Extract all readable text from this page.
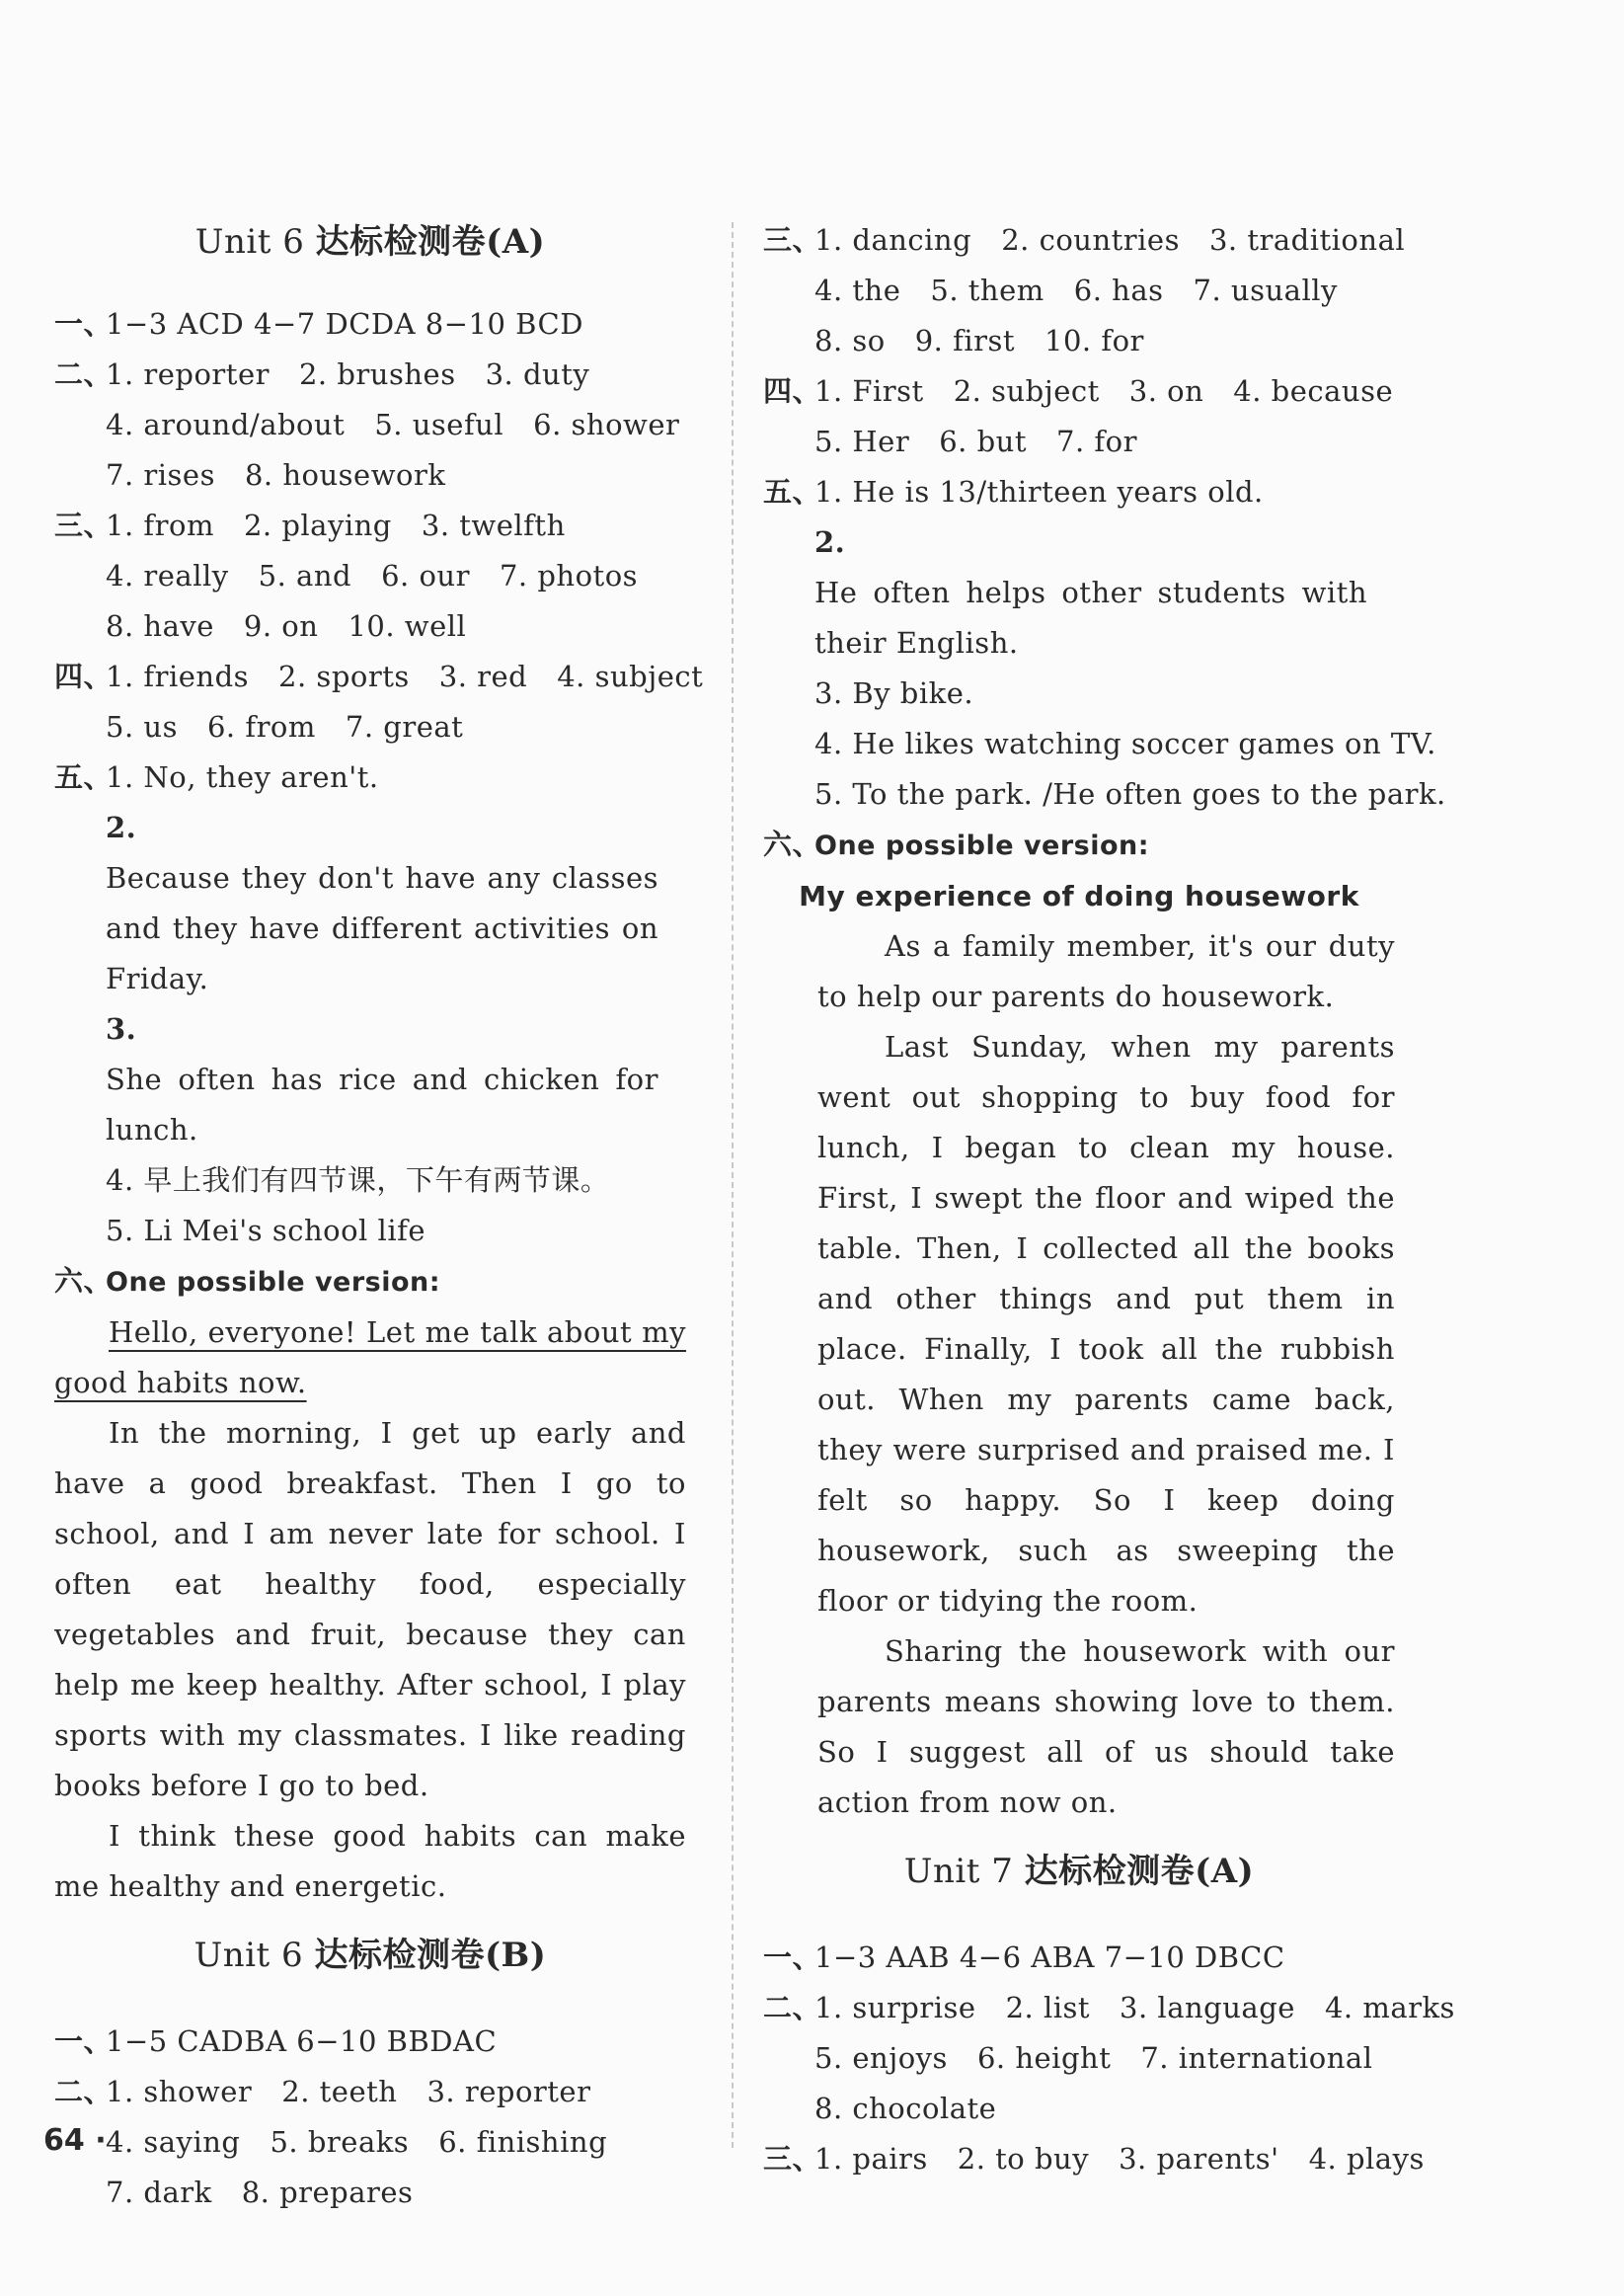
Unit 6 达标检测卷(A)
一、1−3 ACD 4−7 DCDA 8−10 BCD
二、1. reporter 2. brushes 3. duty
4. around/about 5. useful 6. shower
7. rises 8. housework
三、1. from 2. playing 3. twelfth
4. really 5. and 6. our 7. photos
8. have 9. on 10. well
四、1. friends 2. sports 3. red 4. subject
5. us 6. from 7. great
五、1. No, they aren't.
2.Because they don't have any classes and they have different activities on Friday.
3.She often has rice and chicken for lunch.
4. 早上我们有四节课，下午有两节课。
5. Li Mei's school life
六、One possible version:
Hello, everyone! Let me talk about my good habits now.
In the morning, I get up early and have a good breakfast. Then I go to school, and I am never late for school. I often eat healthy food, especially vegetables and fruit, because they can help me keep healthy. After school, I play sports with my classmates. I like reading books before I go to bed.
I think these good habits can make me healthy and energetic.
Unit 6 达标检测卷(B)
一、1−5 CADBA 6−10 BBDAC
二、1. shower 2. teeth 3. reporter
4. saying 5. breaks 6. finishing
7. dark 8. prepares
三、1. dancing 2. countries 3. traditional
4. the 5. them 6. has 7. usually
8. so 9. first 10. for
四、1. First 2. subject 3. on 4. because
5. Her 6. but 7. for
五、1. He is 13/thirteen years old.
2.He often helps other students with their English.
3. By bike.
4. He likes watching soccer games on TV.
5. To the park. /He often goes to the park.
六、One possible version:
My experience of doing housework
As a family member, it's our duty to help our parents do housework.
Last Sunday, when my parents went out shopping to buy food for lunch, I began to clean my house. First, I swept the floor and wiped the table. Then, I collected all the books and other things and put them in place. Finally, I took all the rubbish out. When my parents came back, they were surprised and praised me. I felt so happy. So I keep doing housework, such as sweeping the floor or tidying the room.
Sharing the housework with our parents means showing love to them. So I suggest all of us should take action from now on.
Unit 7 达标检测卷(A)
一、1−3 AAB 4−6 ABA 7−10 DBCC
二、1. surprise 2. list 3. language 4. marks
5. enjoys 6. height 7. international
8. chocolate
三、1. pairs 2. to buy 3. parents' 4. plays
64 ·
